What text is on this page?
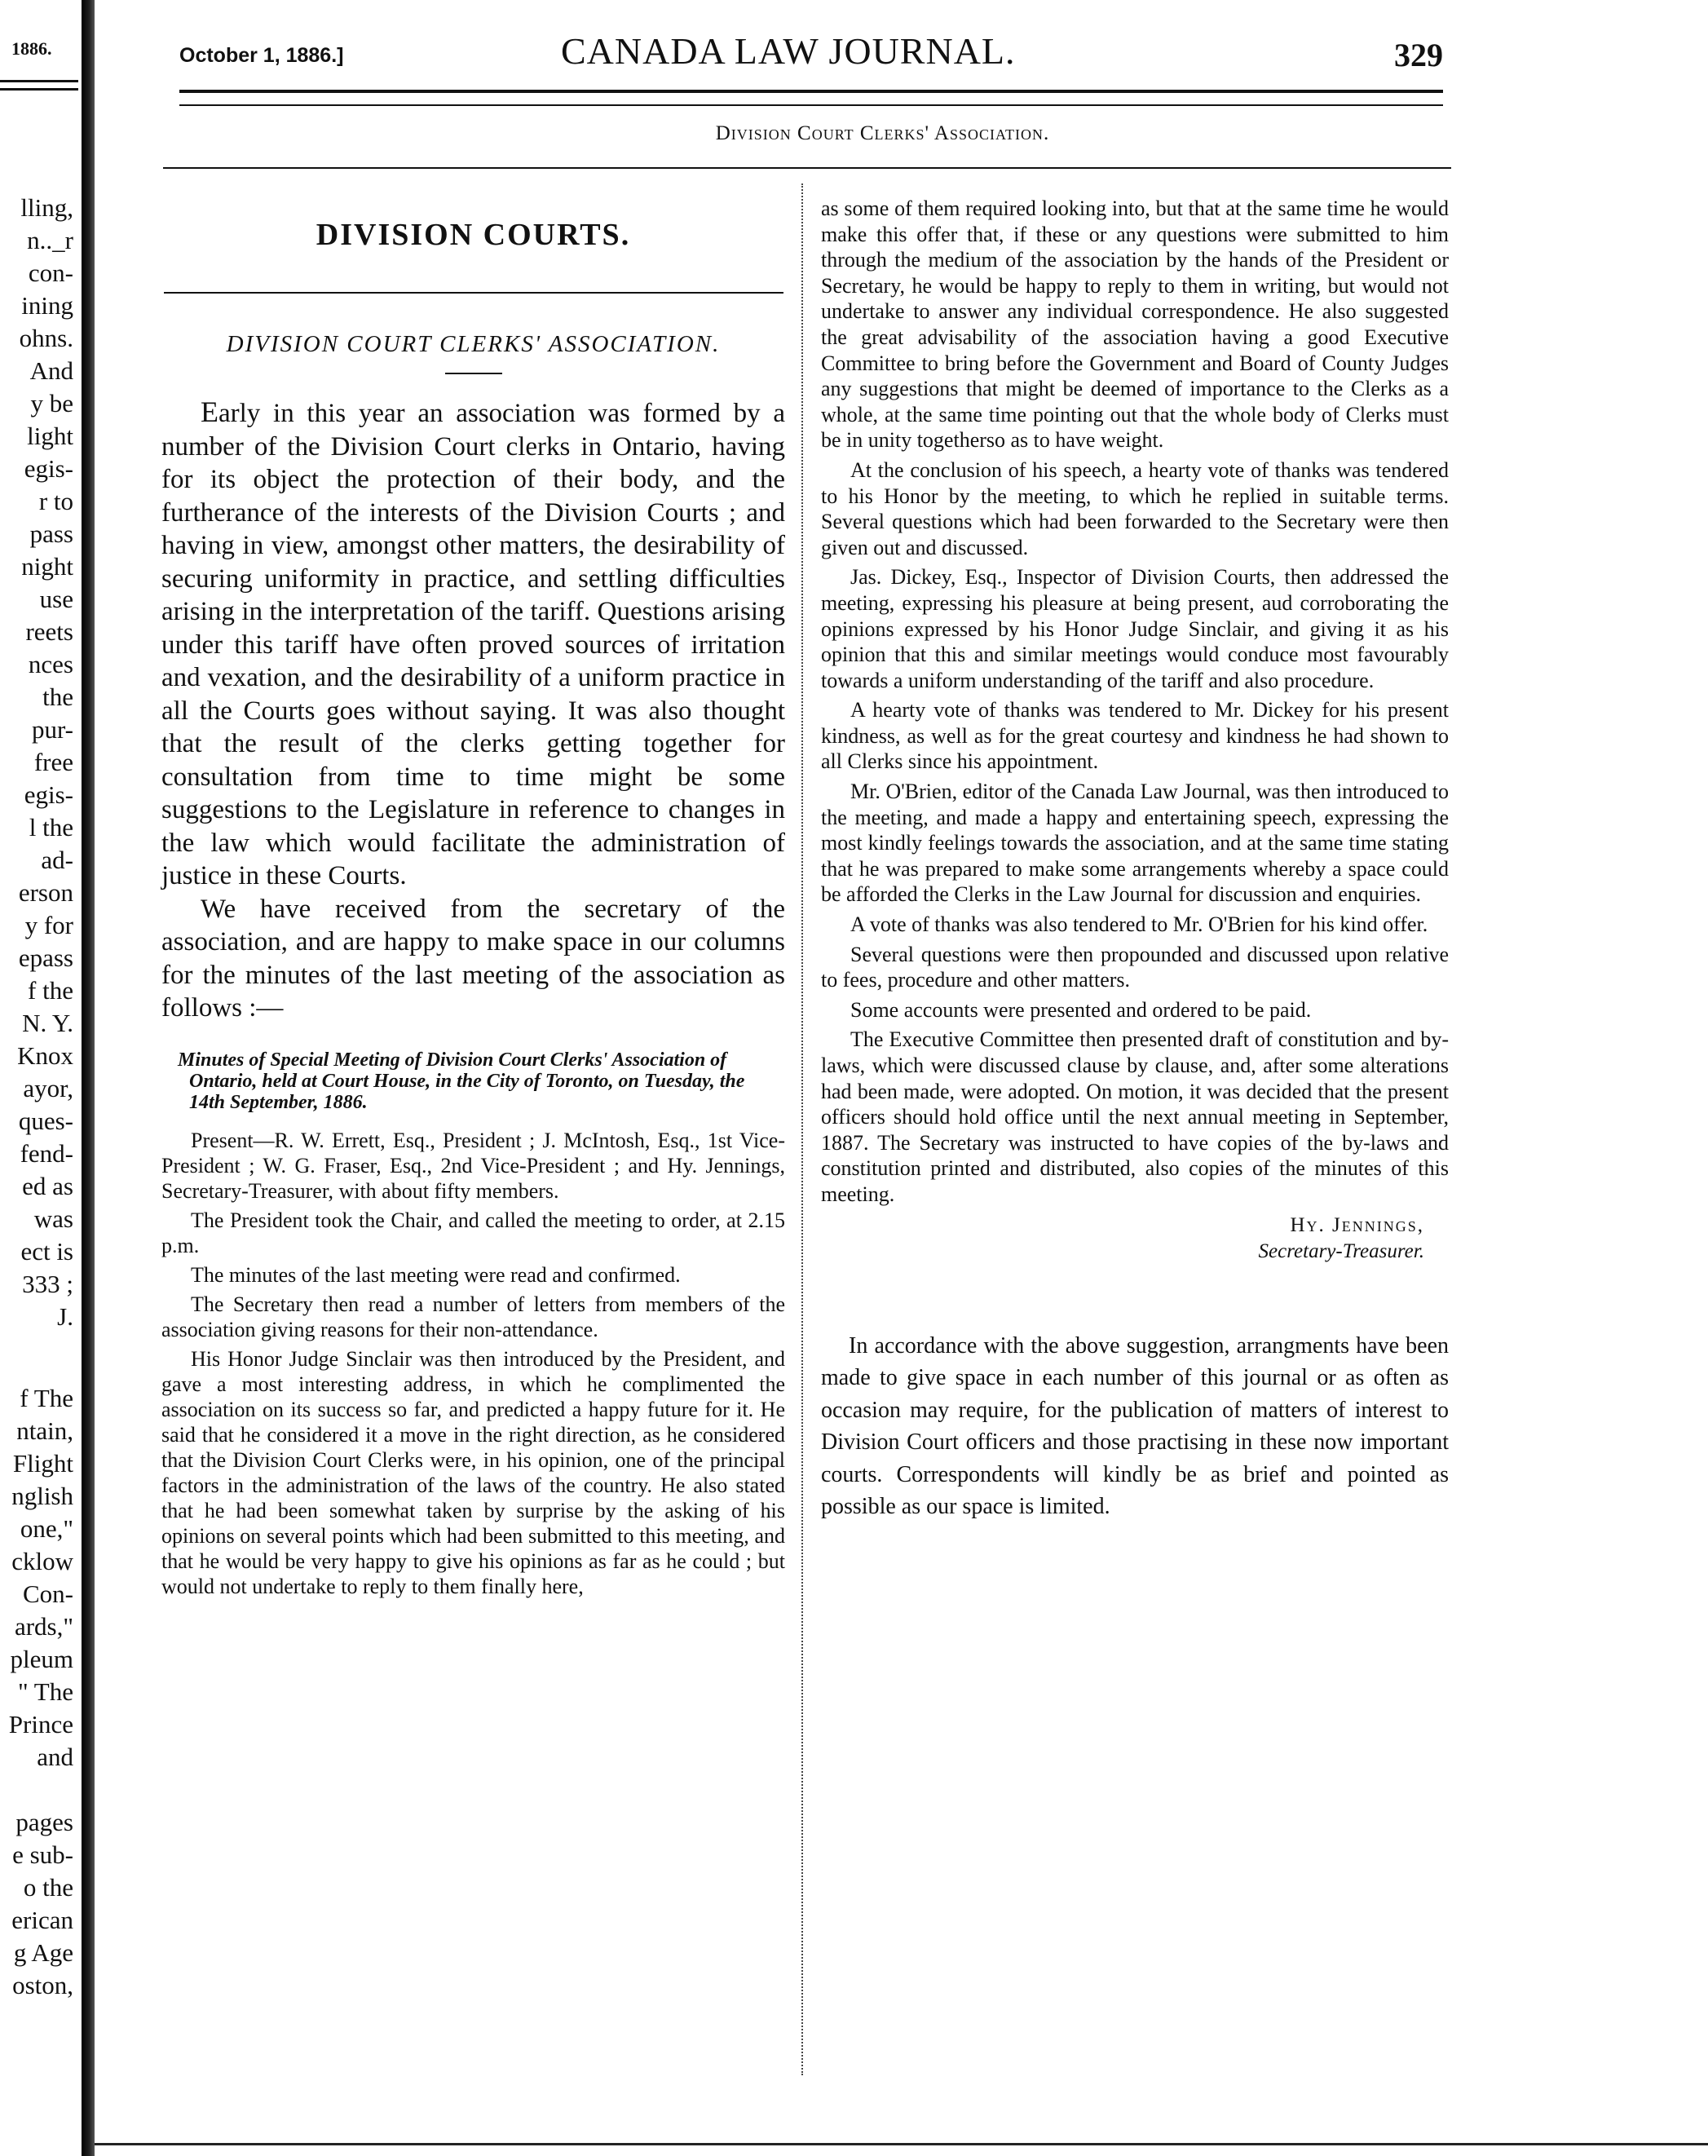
1886.
lling,
n.._r
con-
ining
ohns.
And
y be
light
egis-
r to
pass
night
use
reets
nces
the
pur-
free
egis-
l the
ad-
erson
y for
epass
f the
N. Y.
Knox
ayor,
ques-
fend-
ed as
was
ect is
333 ;
J.
f The
ntain,
Flight
nglish
one,"
cklow
Con-
ards,"
pleum
" The
Prince
and
pages
e sub-
o the
erican
g Age
oston,
October 1, 1886.]	CANADA LAW JOURNAL.	329
Division Court Clerks' Association.
DIVISION COURTS.
DIVISION COURT CLERKS' ASSOCIATION.

Early in this year an association was formed by a number of the Division Court clerks in Ontario, having for its object the protection of their body, and the furtherance of the interests of the Division Courts ; and having in view, amongst other matters, the desirability of securing uniformity in practice, and settling difficulties arising in the interpretation of the tariff. Questions arising under this tariff have often proved sources of irritation and vexation, and the desirability of a uniform practice in all the Courts goes without saying. It was also thought that the result of the clerks getting together for consultation from time to time might be some suggestions to the Legislature in reference to changes in the law which would facilitate the administration of justice in these Courts.

We have received from the secretary of the association, and are happy to make space in our columns for the minutes of the last meeting of the association as follows :—

Minutes of Special Meeting of Division Court Clerks' Association of Ontario, held at Court House, in the City of Toronto, on Tuesday, the 14th September, 1886.

Present—R. W. Errett, Esq., President ; J. McIntosh, Esq., 1st Vice-President ; W. G. Fraser, Esq., 2nd Vice-President ; and Hy. Jennings, Secretary-Treasurer, with about fifty members.

The President took the Chair, and called the meeting to order, at 2.15 p.m.

The minutes of the last meeting were read and confirmed.

The Secretary then read a number of letters from members of the association giving reasons for their non-attendance.

His Honor Judge Sinclair was then introduced by the President, and gave a most interesting address, in which he complimented the association on its success so far, and predicted a happy future for it. He said that he considered it a move in the right direction, as he considered that the Division Court Clerks were, in his opinion, one of the principal factors in the administration of the laws of the country. He also stated that he had been somewhat taken by surprise by the asking of his opinions on several points which had been submitted to this meeting, and that he would be very happy to give his opinions as far as he could ; but would not undertake to reply to them finally here,

as some of them required looking into, but that at the same time he would make this offer that, if these or any questions were submitted to him through the medium of the association by the hands of the President or Secretary, he would be happy to reply to them in writing, but would not undertake to answer any individual correspondence. He also suggested the great advisability of the association having a good Executive Committee to bring before the Government and Board of County Judges any suggestions that might be deemed of importance to the Clerks as a whole, at the same time pointing out that the whole body of Clerks must be in unity togetherso as to have weight.

At the conclusion of his speech, a hearty vote of thanks was tendered to his Honor by the meeting, to which he replied in suitable terms. Several questions which had been forwarded to the Secretary were then given out and discussed.

Jas. Dickey, Esq., Inspector of Division Courts, then addressed the meeting, expressing his pleasure at being present, aud corroborating the opinions expressed by his Honor Judge Sinclair, and giving it as his opinion that this and similar meetings would conduce most favourably towards a uniform understanding of the tariff and also procedure.

A hearty vote of thanks was tendered to Mr. Dickey for his present kindness, as well as for the great courtesy and kindness he had shown to all Clerks since his appointment.

Mr. O'Brien, editor of the Canada Law Journal, was then introduced to the meeting, and made a happy and entertaining speech, expressing the most kindly feelings towards the association, and at the same time stating that he was prepared to make some arrangements whereby a space could be afforded the Clerks in the Law Journal for discussion and enquiries.

A vote of thanks was also tendered to Mr. O'Brien for his kind offer.

Several questions were then propounded and discussed upon relative to fees, procedure and other matters.

Some accounts were presented and ordered to be paid.

The Executive Committee then presented draft of constitution and by-laws, which were discussed clause by clause, and, after some alterations had been made, were adopted. On motion, it was decided that the present officers should hold office until the next annual meeting in September, 1887. The Secretary was instructed to have copies of the by-laws and constitution printed and distributed, also copies of the minutes of this meeting.

Hy. Jennings,
Secretary-Treasurer.

In accordance with the above suggestion, arrangments have been made to give space in each number of this journal or as often as occasion may require, for the publication of matters of interest to Division Court officers and those practising in these now important courts. Correspondents will kindly be as brief and pointed as possible as our space is limited.
